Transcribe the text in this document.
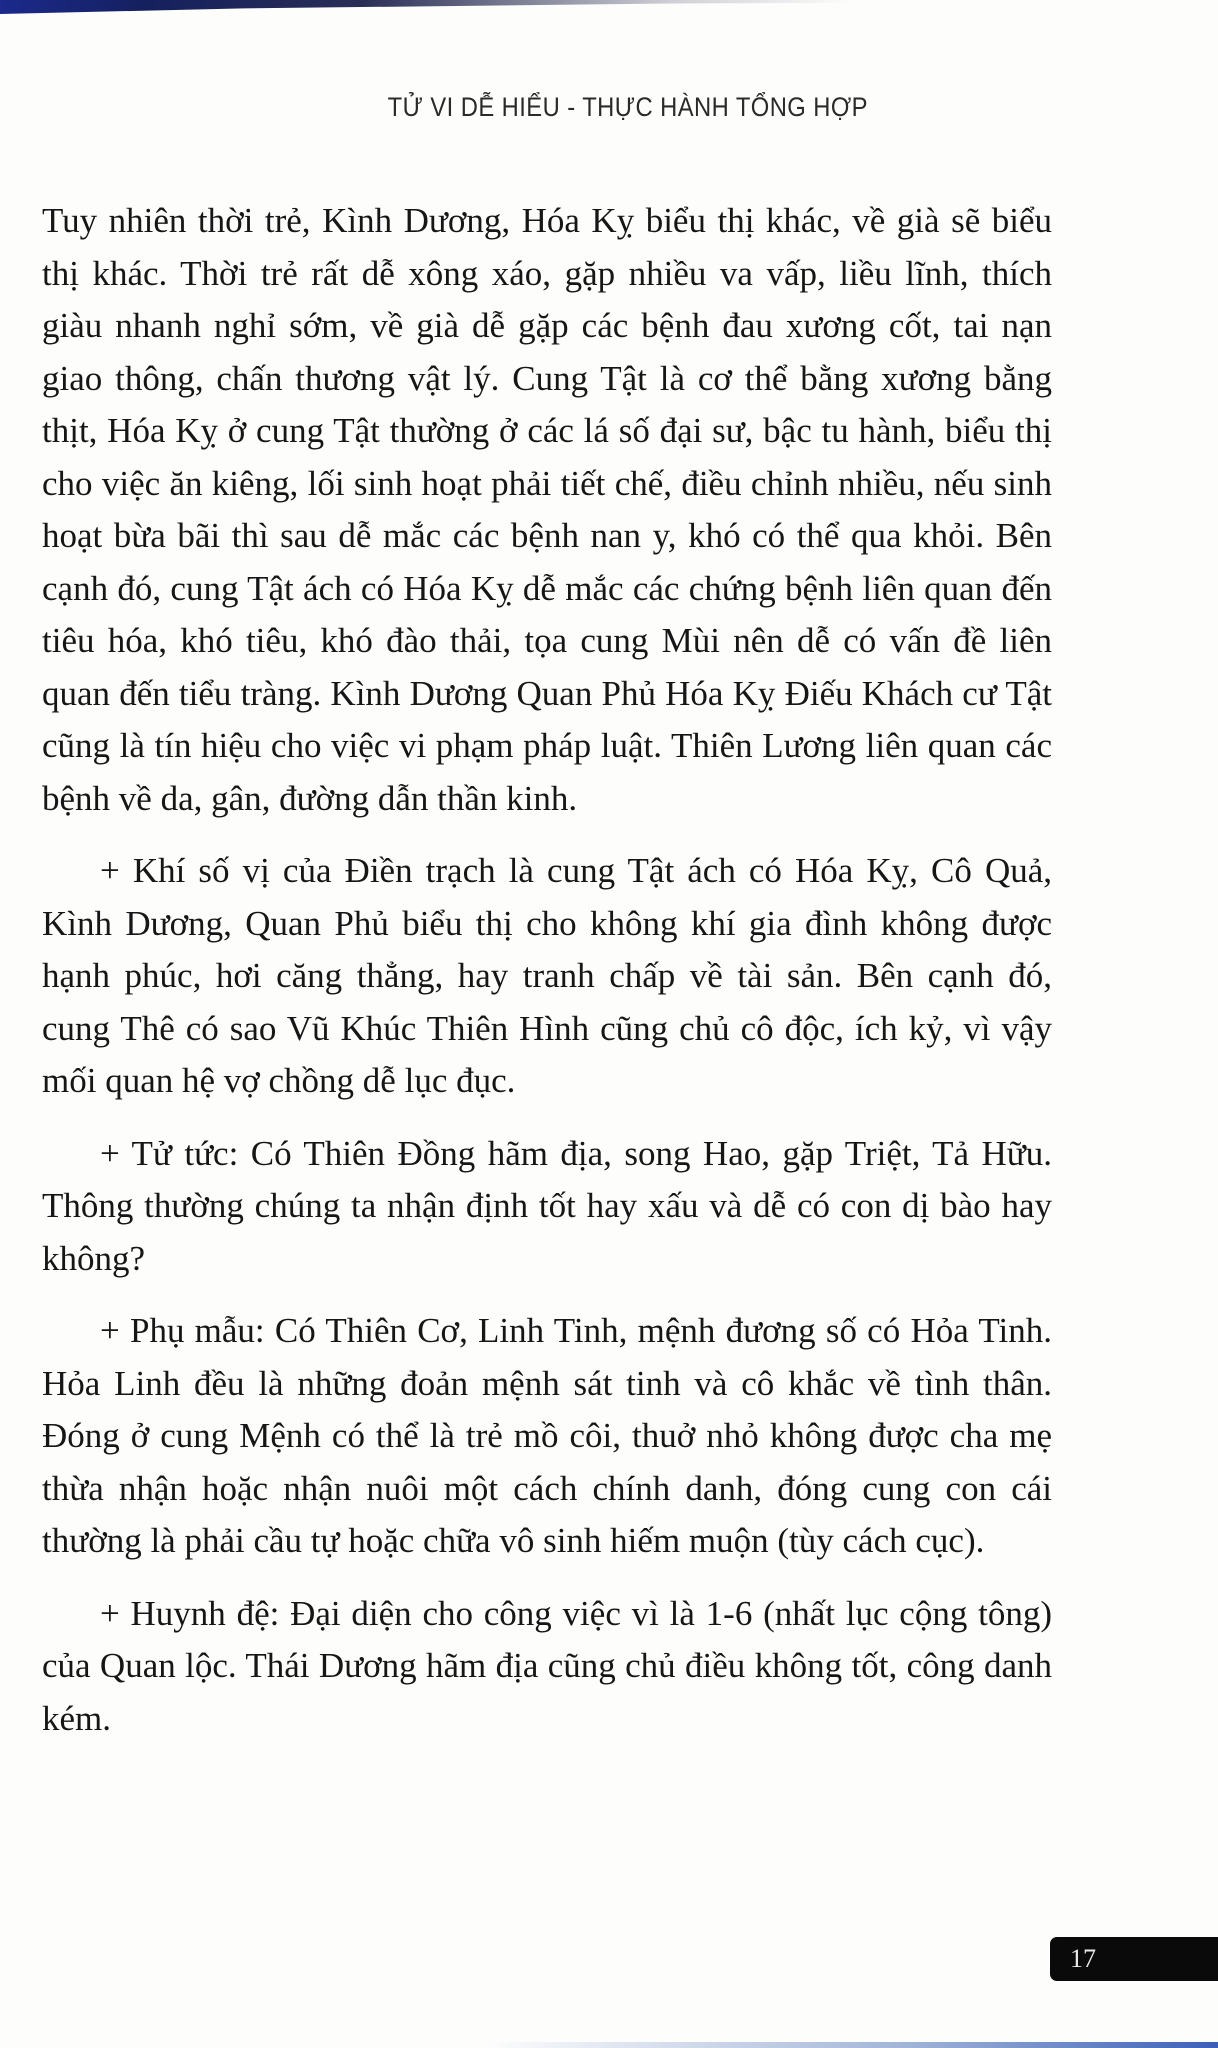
TỬ VI DỄ HIỂU - THỰC HÀNH TỔNG HỢP

Tuy nhiên thời trẻ, Kình Dương, Hóa Kỵ biểu thị khác, về già sẽ biểu thị khác. Thời trẻ rất dễ xông xáo, gặp nhiều va vấp, liều lĩnh, thích giàu nhanh nghỉ sớm, về già dễ gặp các bệnh đau xương cốt, tai nạn giao thông, chấn thương vật lý. Cung Tật là cơ thể bằng xương bằng thịt, Hóa Kỵ ở cung Tật thường ở các lá số đại sư, bậc tu hành, biểu thị cho việc ăn kiêng, lối sinh hoạt phải tiết chế, điều chỉnh nhiều, nếu sinh hoạt bừa bãi thì sau dễ mắc các bệnh nan y, khó có thể qua khỏi. Bên cạnh đó, cung Tật ách có Hóa Kỵ dễ mắc các chứng bệnh liên quan đến tiêu hóa, khó tiêu, khó đào thải, tọa cung Mùi nên dễ có vấn đề liên quan đến tiểu tràng. Kình Dương Quan Phủ Hóa Kỵ Điếu Khách cư Tật cũng là tín hiệu cho việc vi phạm pháp luật. Thiên Lương liên quan các bệnh về da, gân, đường dẫn thần kinh.

+ Khí số vị của Điền trạch là cung Tật ách có Hóa Kỵ, Cô Quả, Kình Dương, Quan Phủ biểu thị cho không khí gia đình không được hạnh phúc, hơi căng thẳng, hay tranh chấp về tài sản. Bên cạnh đó, cung Thê có sao Vũ Khúc Thiên Hình cũng chủ cô độc, ích kỷ, vì vậy mối quan hệ vợ chồng dễ lục đục.

+ Tử tức: Có Thiên Đồng hãm địa, song Hao, gặp Triệt, Tả Hữu. Thông thường chúng ta nhận định tốt hay xấu và dễ có con dị bào hay không?

+ Phụ mẫu: Có Thiên Cơ, Linh Tinh, mệnh đương số có Hỏa Tinh. Hỏa Linh đều là những đoản mệnh sát tinh và cô khắc về tình thân. Đóng ở cung Mệnh có thể là trẻ mồ côi, thuở nhỏ không được cha mẹ thừa nhận hoặc nhận nuôi một cách chính danh, đóng cung con cái thường là phải cầu tự hoặc chữa vô sinh hiếm muộn (tùy cách cục).

+ Huynh đệ: Đại diện cho công việc vì là 1-6 (nhất lục cộng tông) của Quan lộc. Thái Dương hãm địa cũng chủ điều không tốt, công danh kém.

17
